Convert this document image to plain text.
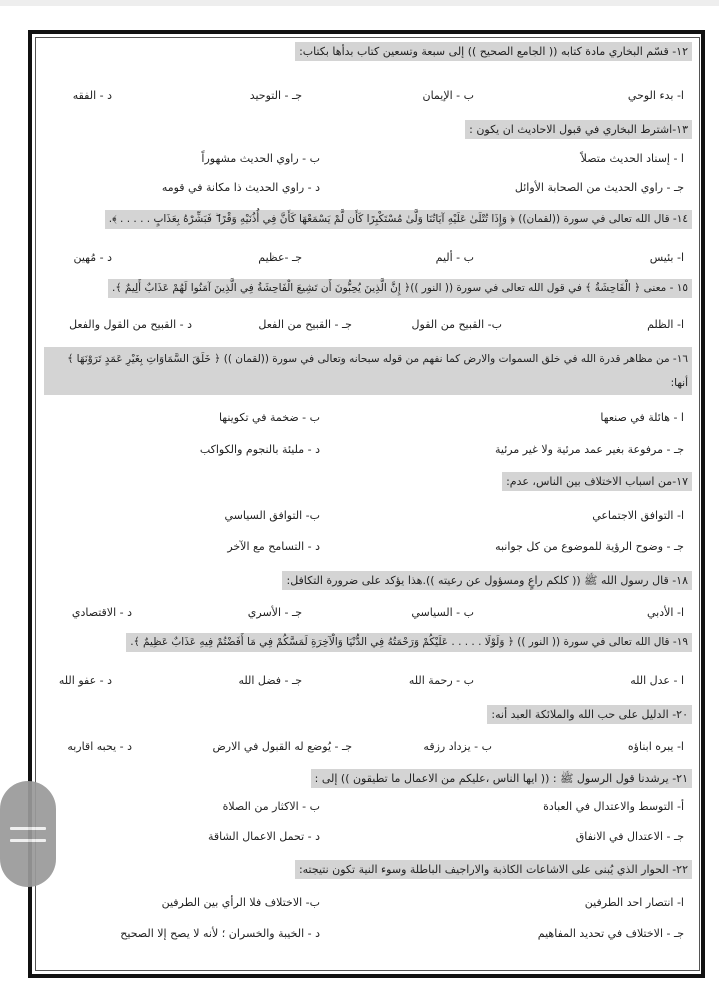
١٢- قسّم البخاري مادة كتابه (( الجامع الصحيح )) إلى سبعة وتسعين كتاب بدأها بكتاب:
ا- بدء الوحي
ب - الإيمان
جـ - التوحيد
د - الفقه
١٣-اشترط البخاري في قبول الاحاديث ان يكون :
ا - إسناد الحديث متصلاً
ب - راوي الحديث مشهوراً
جـ - راوي الحديث من الصحابة الأوائل
د - راوي الحديث ذا مكانة في قومه
١٤- قال الله تعالى في سورة ((لقمان)) ﴿ وَإِذَا تُتْلَىٰ عَلَيْهِ آيَاتُنَا وَلَّىٰ مُسْتَكْبِرًا كَأَن لَّمْ يَسْمَعْهَا كَأَنَّ فِي أُذُنَيْهِ وَقْرًا ۖ فَبَشِّرْهُ بِعَذَابٍ . . . . . ﴾.
ا- بئيس
ب - أليم
جـ -عظيم
د - مُهين
١٥ - معنى ﴿ الْفَاحِشَةُ ﴾ في قول الله تعالى في سورة (( النور ))﴿ إِنَّ الَّذِينَ يُحِبُّونَ أَن تَشِيعَ الْفَاحِشَةُ فِي الَّذِينَ آمَنُوا لَهُمْ عَذَابٌ أَلِيمٌ ﴾.
ا- الظلم
ب- القبيح من القول
جـ - القبيح من الفعل
د - القبيح من القول والفعل
١٦- من مظاهر قدرة الله في خلق السموات والارض كما نفهم من قوله سبحانه وتعالى في سورة ((لقمان )) ﴿ خَلَقَ السَّمَاوَاتِ بِغَيْرِ عَمَدٍ تَرَوْنَهَا ﴾ أنها:
ا - هائلة في صنعها
ب - ضخمة في تكوينها
جـ - مرفوعة بغير عمد مرئية ولا غير مرئية
د - مليئة بالنجوم والكواكب
١٧-من اسباب الاختلاف بين الناس، عدم:
ا- التوافق الاجتماعي
ب- التوافق السياسي
جـ - وضوح الرؤية للموضوع من كل جوانبه
د - التسامح مع الآخر
١٨- قال رسول الله ﷺ (( كلكم راعٍ ومسؤول عن رعيته )).هذا يؤكد على ضرورة التكافل:
ا- الأدبي
ب - السياسي
جـ - الأسري
د - الاقتصادي
١٩- قال الله تعالى في سورة (( النور )) ﴿ وَلَوْلَا . . . . . عَلَيْكُمْ وَرَحْمَتُهُ فِي الدُّنْيَا وَالْآخِرَةِ لَمَسَّكُمْ فِي مَا أَفَضْتُمْ فِيهِ عَذَابٌ عَظِيمٌ ﴾.
ا - عدل الله
ب - رحمة الله
جـ - فضل الله
د - عفو الله
٢٠- الدليل على حب الله والملائكة العبد أنه:
ا- يبره ابناؤه
ب - يزداد رزقه
جـ - يُوضع له القبول في الارض
د - يحبه اقاربه
٢١- يرشدنا قول الرسول ﷺ : (( ايها الناس ،عليكم من الاعمال ما تطيقون )) إلى :
أ- التوسط والاعتدال في العبادة
ب - الاكثار من الصلاة
جـ - الاعتدال في الانفاق
د - تحمل الاعمال الشاقة
٢٢- الحوار الذي يُبنى على الاشاعات الكاذبة والاراجيف الباطلة وسوء النية تكون نتيجته:
ا- انتصار احد الطرفين
ب- الاختلاف فلا الرأي بين الطرفين
جـ - الاختلاف في تحديد المفاهيم
د - الخيبة والخسران ؛ لأنه لا يصح إلا الصحيح
